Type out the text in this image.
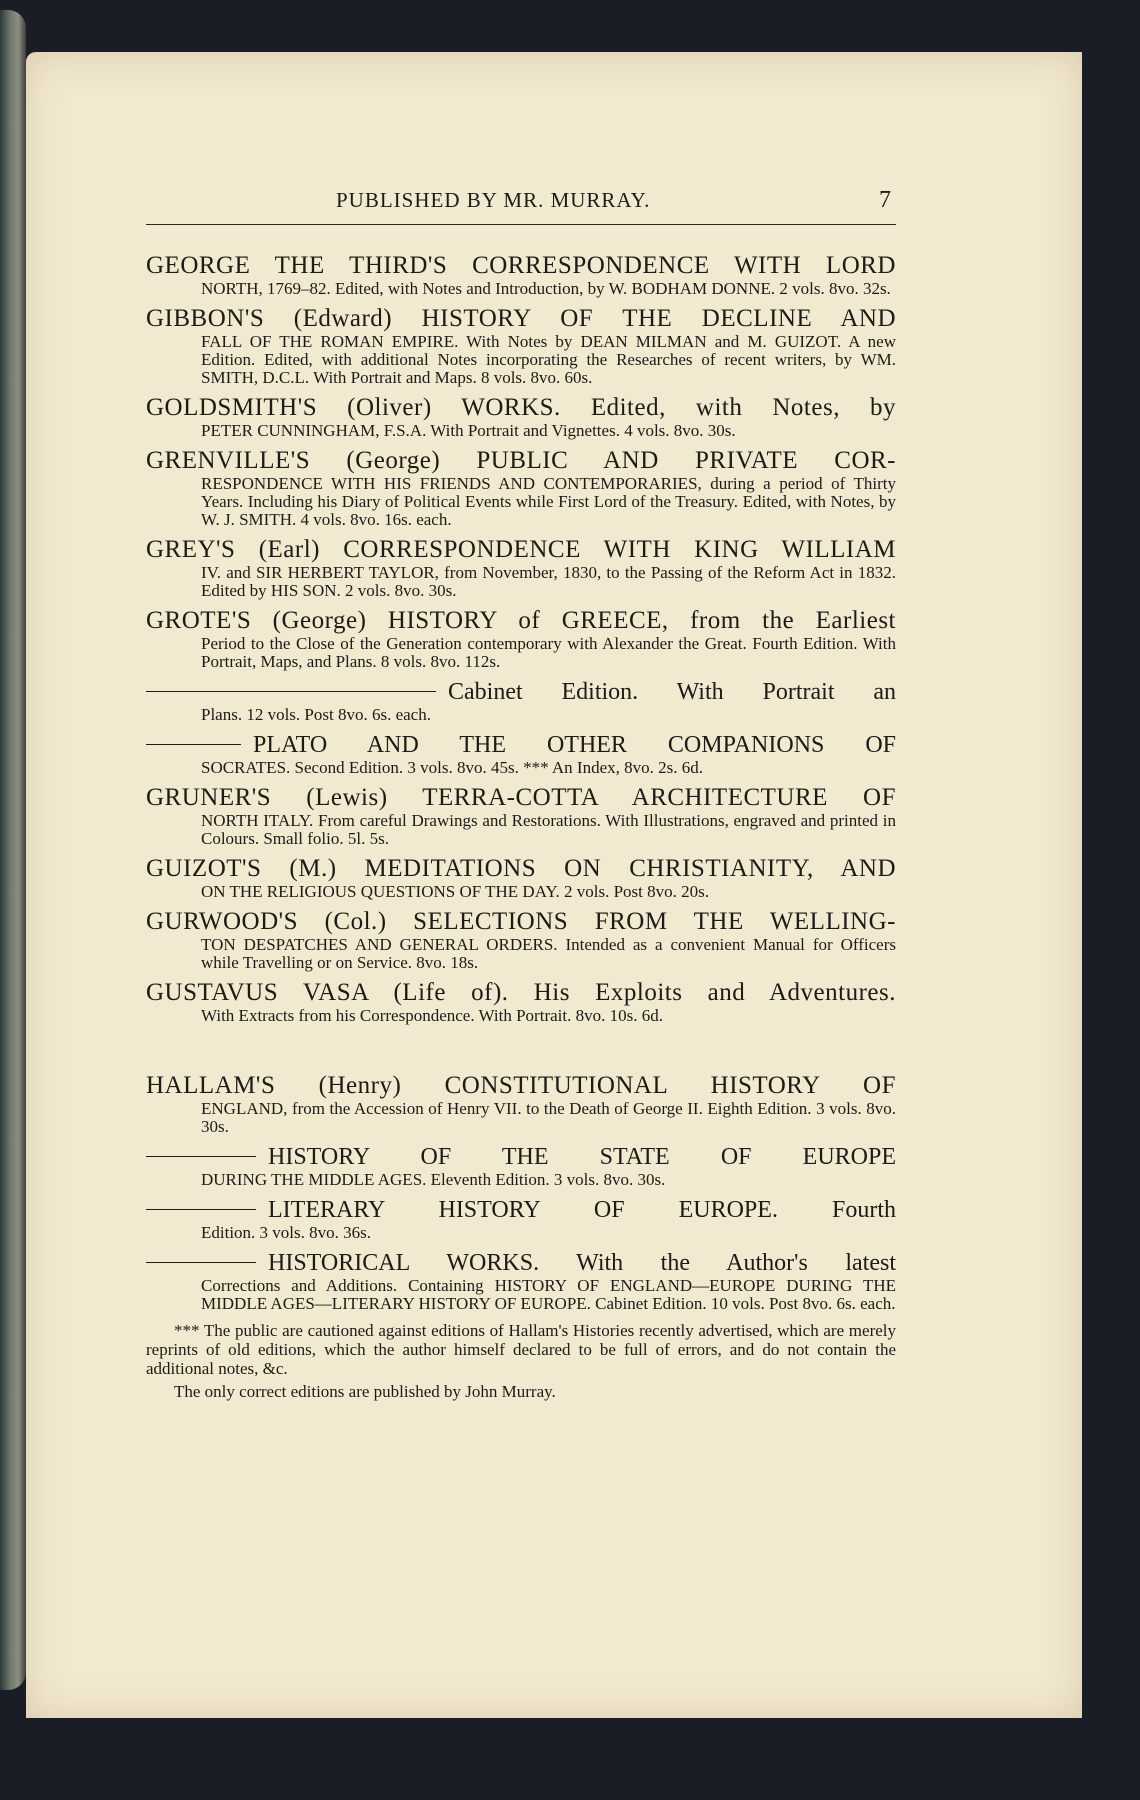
PUBLISHED BY MR. MURRAY.	7
GEORGE THE THIRD'S CORRESPONDENCE WITH LORD
NORTH, 1769–82. Edited, with Notes and Introduction, by W. BODHAM DONNE. 2 vols. 8vo. 32s.
GIBBON'S (Edward) HISTORY OF THE DECLINE AND
FALL OF THE ROMAN EMPIRE. With Notes by DEAN MILMAN and M. GUIZOT. A new Edition. Edited, with additional Notes incorporating the Researches of recent writers, by WM. SMITH, D.C.L. With Portrait and Maps. 8 vols. 8vo. 60s.
GOLDSMITH'S (Oliver) WORKS. Edited, with Notes, by
PETER CUNNINGHAM, F.S.A. With Portrait and Vignettes. 4 vols. 8vo. 30s.
GRENVILLE'S (George) PUBLIC AND PRIVATE COR-
RESPONDENCE WITH HIS FRIENDS AND CONTEMPORARIES, during a period of Thirty Years. Including his Diary of Political Events while First Lord of the Treasury. Edited, with Notes, by W. J. SMITH. 4 vols. 8vo. 16s. each.
GREY'S (Earl) CORRESPONDENCE WITH KING WILLIAM
IV. and SIR HERBERT TAYLOR, from November, 1830, to the Passing of the Reform Act in 1832. Edited by HIS SON. 2 vols. 8vo. 30s.
GROTE'S (George) HISTORY of GREECE, from the Earliest
Period to the Close of the Generation contemporary with Alexander the Great. Fourth Edition. With Portrait, Maps, and Plans. 8 vols. 8vo. 112s.
Cabinet Edition. With Portrait an
Plans. 12 vols. Post 8vo. 6s. each.
PLATO AND THE OTHER COMPANIONS OF
SOCRATES. Second Edition. 3 vols. 8vo. 45s. *** An Index, 8vo. 2s. 6d.
GRUNER'S (Lewis) TERRA-COTTA ARCHITECTURE OF
NORTH ITALY. From careful Drawings and Restorations. With Illustrations, engraved and printed in Colours. Small folio. 5l. 5s.
GUIZOT'S (M.) MEDITATIONS ON CHRISTIANITY, AND
ON THE RELIGIOUS QUESTIONS OF THE DAY. 2 vols. Post 8vo. 20s.
GURWOOD'S (Col.) SELECTIONS FROM THE WELLING-
TON DESPATCHES AND GENERAL ORDERS. Intended as a convenient Manual for Officers while Travelling or on Service. 8vo. 18s.
GUSTAVUS VASA (Life of). His Exploits and Adventures.
With Extracts from his Correspondence. With Portrait. 8vo. 10s. 6d.
HALLAM'S (Henry) CONSTITUTIONAL HISTORY OF
ENGLAND, from the Accession of Henry VII. to the Death of George II. Eighth Edition. 3 vols. 8vo. 30s.
HISTORY OF THE STATE OF EUROPE
DURING THE MIDDLE AGES. Eleventh Edition. 3 vols. 8vo. 30s.
LITERARY HISTORY OF EUROPE. Fourth
Edition. 3 vols. 8vo. 36s.
HISTORICAL WORKS. With the Author's latest
Corrections and Additions. Containing HISTORY OF ENGLAND—EUROPE DURING THE MIDDLE AGES—LITERARY HISTORY OF EUROPE. Cabinet Edition. 10 vols. Post 8vo. 6s. each.
*** The public are cautioned against editions of Hallam's Histories recently advertised, which are merely reprints of old editions, which the author himself declared to be full of errors, and do not contain the additional notes, &c.
The only correct editions are published by John Murray.
